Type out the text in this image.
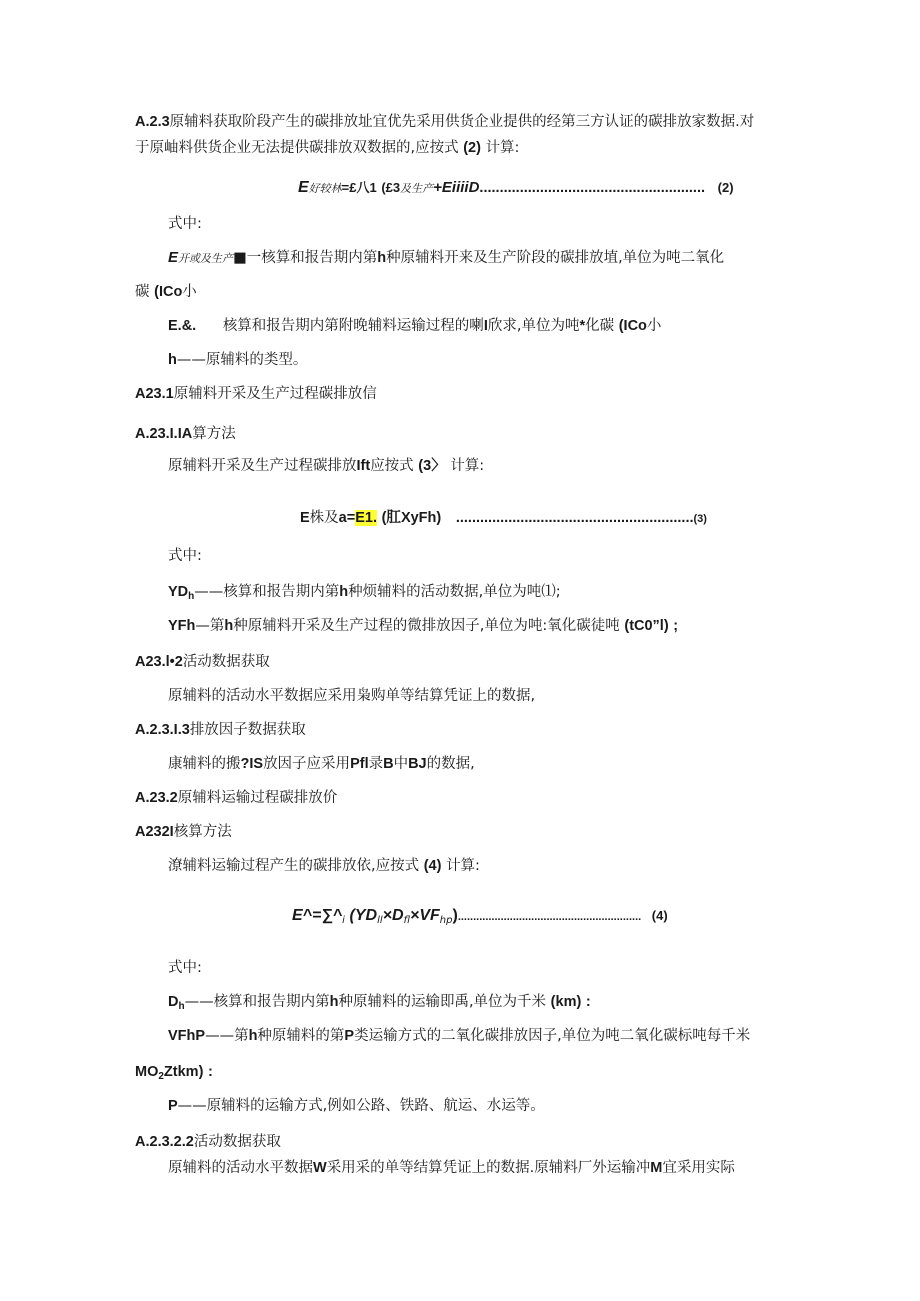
A.2.3原辅料获取阶段产生的碳排放址宜优先采用供货企业提供的经第三方认证的碳排放家数据.对
于原岫料供货企业无法提供碳排放双数据的,应按式 (2) 计算:
E好较林=£八1 (£3及生产+EiiiiD........................................................ (2)
式中:
E开或及生产■一核算和报告期内第h种原辅料开来及生产阶段的碳排放埴,单位为吨二氧化
碳 (ICo小
E.&. 核算和报告期内第附晚辅料运输过程的喇I欣求,单位为吨*化碳 (ICo小
h——原辅料的类型。
A23.1原辅料开采及生产过程碳排放信
A.23.I.IA算方法
原辅料开采及生产过程碳排放Ift应按式 (3〉 计算:
E株及a=E1. (肛XyFh) ...........................................................(3)
式中:
$YD_h——$核算和报告期内第h种烦辅料的活动数据,单位为吨⑴;
YFh—第h种原辅料开采及生产过程的微排放因子,单位为吨:氧化碳徒吨 (tC0”l) ;
A23.l•2活动数据获取
原辅料的活动水平数据应采用枭购单等结算凭证上的数据,
A.2.3.I.3排放因子数据获取
康辅料的搬?IS放因子应采用Pfl录B中BJ的数据,
A.23.2原辅料运输过程碳排放价
A232I核算方法
潦辅料运输过程产生的碳排放依,应按式 (4) 计算:
$E\^{}=\sum\^{}_i$ $(YD_{ll}\times D_{fl}\times VF_{hp})$............................................................ (4)
式中:
$D_h——$核算和报告期内第h种原辅料的运输即禹,单位为千米 (km) :
VFhP——第h种原辅料的第P类运输方式的二氧化碳排放因子,单位为吨二氧化碳标吨每千米
$MO_2Ztkm$) :
P——原辅料的运输方式,例如公路、铁路、航运、水运等。
A.2.3.2.2活动数据获取
原辅料的活动水平数据W采用采的单等结算凭证上的数据.原辅料厂外运输冲M宜采用实际
